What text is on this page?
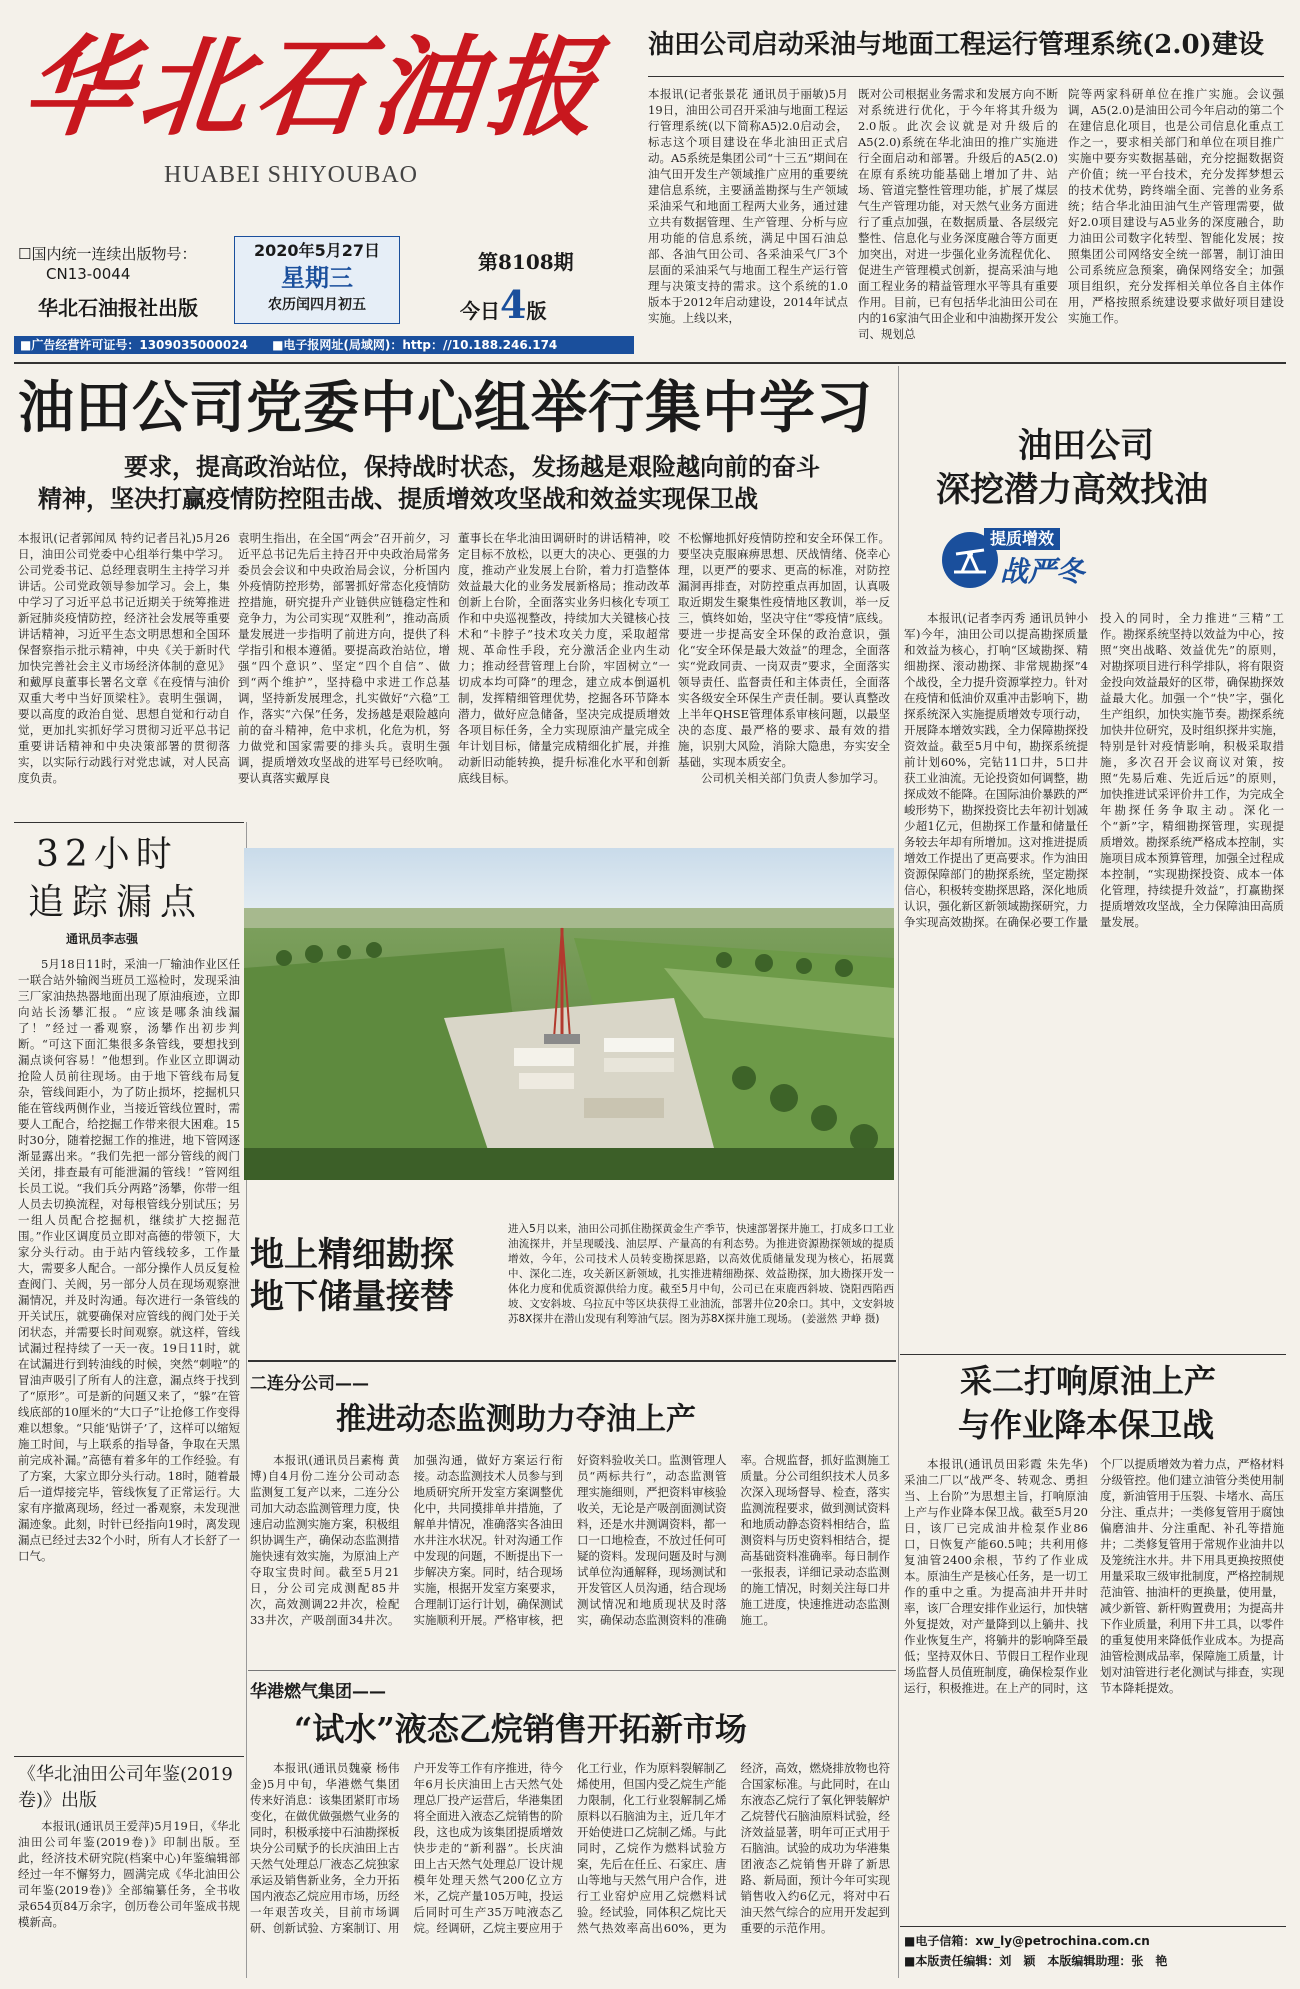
华北石油报
HUABEI SHIYOUBAO
☐国内统一连续出版物号：
CN13-0044
华北石油报社出版
2020年5月27日
星期三
农历闰四月初五
第8108期
今日4版
■广告经营许可证号：1309035000024 ■电子报网址(局域网)：http：//10.188.246.174
油田公司启动采油与地面工程运行管理系统(2.0)建设
本报讯(记者张景花 通讯员于丽敏)5月19日，油田公司召开采油与地面工程运行管理系统(以下简称A5)2.0启动会，标志这个项目建设在华北油田正式启动。A5系统是集团公司“十三五”期间在油气田开发生产领域推广应用的重要统建信息系统，主要涵盖勘探与生产领域采油采气和地面工程两大业务，通过建立共有数据管理、生产管理、分析与应用功能的信息系统，满足中国石油总部、各油气田公司、各采油采气厂3个层面的采油采气与地面工程生产运行管理与决策支持的需求。这个系统的1.0版本于2012年启动建设，2014年试点实施。上线以来，
既对公司根据业务需求和发展方向不断对系统进行优化，于今年将其升级为2.0版。此次会议就是对升级后的A5(2.0)系统在华北油田的推广实施进行全面启动和部署。升级后的A5(2.0)在原有系统功能基础上增加了井、站场、管道完整性管理功能，扩展了煤层气生产管理功能，对天然气业务方面进行了重点加强，在数据质量、各层级完整性、信息化与业务深度融合等方面更加突出，对进一步强化业务流程优化、促进生产管理模式创新，提高采油与地面工程业务的精益管理水平等具有重要作用。目前，已有包括华北油田公司在内的16家油气田企业和中油勘探开发公司、规划总
院等两家科研单位在推广实施。会议强调，A5(2.0)是油田公司今年启动的第二个在建信息化项目，也是公司信息化重点工作之一，要求相关部门和单位在项目推广实施中要夯实数据基础，充分挖掘数据资产价值；统一平台技术，充分发挥梦想云的技术优势，跨终端全面、完善的业务系统；结合华北油田油气生产管理需要，做好2.0项目建设与A5业务的深度融合，助力油田公司数字化转型、智能化发展；按照集团公司网络安全统一部署，制订油田公司系统应急预案，确保网络安全；加强项目组织，充分发挥相关单位各自主体作用，严格按照系统建设要求做好项目建设实施工作。
油田公司党委中心组举行集中学习
要求，提高政治站位，保持战时状态，发扬越是艰险越向前的奋斗
精神，坚决打赢疫情防控阻击战、提质增效攻坚战和效益实现保卫战
本报讯(记者郭闻凤 特约记者吕礼)5月26日，油田公司党委中心组举行集中学习。公司党委书记、总经理袁明生主持学习并讲话。公司党政领导参加学习。会上，集中学习了习近平总书记近期关于统筹推进新冠肺炎疫情防控，经济社会发展等重要讲话精神，习近平生态文明思想和全国环保督察指示批示精神，中央《关于新时代加快完善社会主义市场经济体制的意见》和戴厚良董事长署名文章《在疫情与油价双重大考中当好顶梁柱》。袁明生强调，要以高度的政治自觉、思想自觉和行动自觉，更加扎实抓好学习贯彻习近平总书记重要讲话精神和中央决策部署的贯彻落实，以实际行动践行对党忠诚，对人民高度负责。
袁明生指出，在全国“两会”召开前夕，习近平总书记先后主持召开中央政治局常务委员会会议和中央政治局会议，分析国内外疫情防控形势，部署抓好常态化疫情防控措施，研究提升产业链供应链稳定性和竞争力，为公司实现“双胜利”，推动高质量发展进一步指明了前进方向，提供了科学指引和根本遵循。要提高政治站位，增强“四个意识”、坚定“四个自信”、做到“两个维护”，坚持稳中求进工作总基调，坚持新发展理念，扎实做好“六稳”工作，落实“六保”任务，发扬越是艰险越向前的奋斗精神，危中求机，化危为机，努力做党和国家需要的排头兵。袁明生强调，提质增效攻坚战的进军号已经吹响。要认真落实戴厚良
董事长在华北油田调研时的讲话精神，咬定目标不放松，以更大的决心、更强的力度，推动产业发展上台阶，着力打造整体效益最大化的业务发展新格局；推动改革创新上台阶，全面落实业务归核化专项工作和中央巡视整改，持续加大关键核心技术和“卡脖子”技术攻关力度，采取超常规、革命性手段，充分激活企业内生动力；推动经营管理上台阶，牢固树立“一切成本均可降”的理念，建立成本倒逼机制，发挥精细管理优势，挖掘各环节降本潜力，做好应急储备，坚决完成提质增效各项目标任务，全力实现原油产量完成全年计划目标，储量完成精细化扩展，并推动新旧动能转换，提升标准化水平和创新底线目标。
不松懈地抓好疫情防控和安全环保工作。要坚决克服麻痹思想、厌战情绪、侥幸心理，以更严的要求、更高的标准，对防控漏洞再排查，对防控重点再加固，认真吸取近期发生聚集性疫情地区教训，举一反三，慎终如始，坚决守住“零疫情”底线。要进一步提高安全环保的政治意识，强化“安全环保是最大效益”的理念，全面落实“党政同责、一岗双责”要求，全面落实领导责任、监督责任和主体责任，全面落实各级安全环保生产责任制。要认真整改上半年QHSE管理体系审核问题，以最坚决的态度、最严格的要求、最有效的措施，识别大风险，消除大隐患，夯实安全基础，实现本质安全。
公司机关相关部门负责人参加学习。
32小时
追踪漏点
通讯员李志强
5月18日11时，采油一厂输油作业区任一联合站外输阀当班员工巡检时，发现采油三厂家油热热器地面出现了原油痕迹，立即向站长汤攀汇报。“应该是哪条油线漏了！”经过一番观察，汤攀作出初步判断。“可这下面汇集很多条管线，要想找到漏点谈何容易！”他想到。作业区立即调动抢险人员前往现场。由于地下管线布局复杂，管线间距小，为了防止损坏，挖掘机只能在管线两侧作业，当接近管线位置时，需要人工配合，给挖掘工作带来很大困难。15时30分，随着挖掘工作的推进，地下管网逐渐显露出来。“我们先把一部分管线的阀门关闭，排查最有可能泄漏的管线！”管网组长员工说。“我们兵分两路”汤攀，你带一组人员去切换流程，对每根管线分别试压；另一组人员配合挖掘机，继续扩大挖掘范围。”作业区调度员立即对高德的带领下，大家分头行动。由于站内管线较多，工作量大，需要多人配合。一部分操作人员反复检查阀门、关阀，另一部分人员在现场观察泄漏情况，并及时沟通。每次进行一条管线的开关试压，就要确保对应管线的阀门处于关闭状态，并需要长时间观察。就这样，管线试漏过程持续了一天一夜。19日11时，就在试漏进行到转油线的时候，突然“刺啦”的冒油声吸引了所有人的注意，漏点终于找到了“原形”。可是新的问题又来了，“躲”在管线底部的10厘米的“大口子”让抢修工作变得难以想象。“只能‘贴饼子’了，这样可以缩短施工时间，与上联系的指导备，争取在天黑前完成补漏。”高德有着多年的工作经验。有了方案，大家立即分头行动。18时，随着最后一道焊接完毕，管线恢复了正常运行。大家有序撤离现场，经过一番观察，未发现泄漏迹象。此刻，时针已经指向19时，离发现漏点已经过去32个小时，所有人才长舒了一口气。
《华北油田公司年鉴(2019卷)》出版
本报讯(通讯员王爱萍)5月19日，《华北油田公司年鉴(2019卷)》印制出版。至此，经济技术研究院(档案中心)年鉴编辑部经过一年不懈努力，圆满完成《华北油田公司年鉴(2019卷)》全部编纂任务，全书收录654页84万余字，创历卷公司年鉴成书规模新高。
地上精细勘探
地下储量接替
进入5月以来，油田公司抓住勘探黄金生产季节，快速部署探井施工，打成多口工业油流探井，并呈现暖浅、油层厚、产量高的有利态势。为推进资源勘探领域的提质增效，今年，公司技术人员转变勘探思路，以高效优质储量发现为核心，拓展冀中、深化二连，攻关新区新领域，扎实推进精细勘探、效益勘探，加大勘探开发一体化力度和优质资源供给力度。截至5月中旬，公司已在束鹿西斜坡、饶阳西陷西坡、文安斜坡、乌拉瓦中等区块获得工业油流，部署井位20余口。其中，文安斜坡苏8X探井在潜山发现有利筹油气层。图为苏8X探井施工现场。 (姜滋然 尹峥 摄)
二连分公司——
推进动态监测助力夺油上产
本报讯(通讯员吕素梅 黄博)自4月份二连分公司动态监测复工复产以来，二连分公司加大动态监测管理力度，快速启动监测实施方案，积极组织协调生产，确保动态监测措施快速有效实施，为原油上产夺取宝贵时间。截至5月21日，分公司完成测配85井次，高效测调22井次，检配33井次，产吸剖面34井次。加强沟通，做好方案运行衔接。动态监测技术人员参与到地质研究所开发室方案调整优化中，共同摸排单井措施，了解单井情况，准确落实各油田水井注水状况。针对沟通工作中发现的问题，不断提出下一步解决方案。同时，结合现场实施，根据开发室方案要求，合理制订运行计划，确保测试实施顺利开展。严格审核，把好资料验收关口。监测管理人员“两标共行”，动态监测管理实施细则，严把资料审核验收关，无论是产吸剖面测试资料，还是水井测调资料，都一口一口地检查，不放过任何可疑的资料。发现问题及时与测试单位沟通解释，现场测试和开发管区人员沟通，结合现场测试情况和地质现状及时落实，确保动态监测资料的准确率。合规监督，抓好监测施工质量。分公司组织技术人员多次深入现场督导、检查，落实监测流程要求，做到测试资料和地质动静态资料相结合，监测资料与历史资料相结合，提高基础资料准确率。每日制作一张报表，详细记录动态监测的施工情况，时刻关注每口井施工进度，快速推进动态监测施工。
华港燃气集团——
“试水”液态乙烷销售开拓新市场
本报讯(通讯员魏豪 杨伟金)5月中旬，华港燃气集团传来好消息：该集团紧盯市场变化，在做优做强燃气业务的同时，积极承接中石油勘探板块分公司赋予的长庆油田上古天然气处理总厂液态乙烷独家承运及销售新业务，全力开拓国内液态乙烷应用市场，历经一年艰苦攻关，目前市场调研、创新试验、方案制订、用户开发等工作有序推进，待今年6月长庆油田上古天然气处理总厂投产运营后，华港集团将全面进入液态乙烷销售的阶段，这也成为该集团提质增效快步走的“新利器”。长庆油田上古天然气处理总厂设计规模年处理天然气200亿立方米，乙烷产量105万吨，投运后同时可生产35万吨液态乙烷。经调研，乙烷主要应用于化工行业，作为原料裂解制乙烯使用，但国内受乙烷生产能力限制，化工行业裂解制乙烯原料以石脑油为主，近几年才开始使进口乙烷制乙烯。与此同时，乙烷作为燃料试验方案，先后在任丘、石家庄、唐山等地与天然气用户合作，进行工业窑炉应用乙烷燃料试验。经试验，同体积乙烷比天然气热效率高出60%，更为经济，高效，燃烧排放物也符合国家标准。与此同时，在山东液态乙烷行了氧化钾装解炉乙烷替代石脑油原料试验，经济效益显著，明年可正式用于石脑油。试验的成功为华港集团液态乙烷销售开辟了新思路、新局面，预计今年可实现销售收入约6亿元，将对中石油天然气综合的应用开发起到重要的示范作用。
油田公司
深挖潜力高效找油
提质增效
战严冬
本报讯(记者李丙秀 通讯员钟小军)今年，油田公司以提高勘探质量和效益为核心，打响“区域勘探、精细勘探、滚动勘探、非常规勘探”4个战役，全力提升资源掌控力。针对在疫情和低油价双重冲击影响下，勘探系统深入实施提质增效专项行动，开展降本增效实践，全力保障勘探投资效益。截至5月中旬，勘探系统提前计划60%，完钻11口井，5口井获工业油流。无论投资如何调整，勘探成效不能降。在国际油价暴跌的严峻形势下，勘探投资比去年初计划减少超1亿元，但勘探工作量和储量任务较去年却有所增加。这对推进提质增效工作提出了更高要求。作为油田资源保障部门的勘探系统，坚定勘探信心，积极转变勘探思路，深化地质认识，强化新区新领域勘探研究，力争实现高效勘探。在确保必要工作量投入的同时，全力推进“三精”工作。勘探系统坚持以效益为中心，按照“突出战略、效益优先”的原则，对勘探项目进行科学排队，将有限资金投向效益最好的区带，确保勘探效益最大化。加强一个“快”字，强化生产组织，加快实施节奏。勘探系统加快井位研究，及时组织探井实施，特别是针对疫情影响，积极采取措施，多次召开会议商议对策，按照“先易后难、先近后远”的原则，加快推进试采评价井工作，为完成全年勘探任务争取主动。深化一个“新”字，精细勘探管理，实现提质增效。勘探系统严格成本控制，实施项目成本预算管理，加强全过程成本控制，“实现勘探投资、成本一体化管理，持续提升效益”，打赢勘探提质增效攻坚战，全力保障油田高质量发展。
采二打响原油上产
与作业降本保卫战
本报讯(通讯员田彩霞 朱先华)采油二厂以“战严冬、转观念、勇担当、上台阶”为思想主旨，打响原油上产与作业降本保卫战。截至5月20日，该厂已完成油井检泵作业86口，日恢复产能60.5吨；共利用修复油管2400余根，节约了作业成本。原油生产是核心任务，是一切工作的重中之重。为提高油井开井时率，该厂合理安排作业运行，加快辖外复提效，对产量降到以上躺井、找作业恢复生产，将躺井的影响降至最低；坚持双休日、节假日工程作业现场监督人员值班制度，确保检泵作业运行，积极推进。在上产的同时，这个厂以提质增效为着力点，严格材料分级管控。他们建立油管分类使用制度，新油管用于压裂、卡堵水、高压分注、重点井；一类修复管用于腐蚀偏磨油井、分注重配、补孔等措施井；二类修复管用于常规作业油井以及笼统注水井。井下用具更换按照使用量采取三级审批制度，严格控制规范油管、抽油杆的更换量，使用量，减少新管、新杆购置费用；为提高井下作业质量，利用下井工具，以零件的重复使用来降低作业成本。为提高油管检测成品率，保障施工质量，计划对油管进行老化测试与排查，实现节本降耗提效。
■电子信箱：xw_ly@petrochina.com.cn
■本版责任编辑：刘　颖　本版编辑助理：张　艳
